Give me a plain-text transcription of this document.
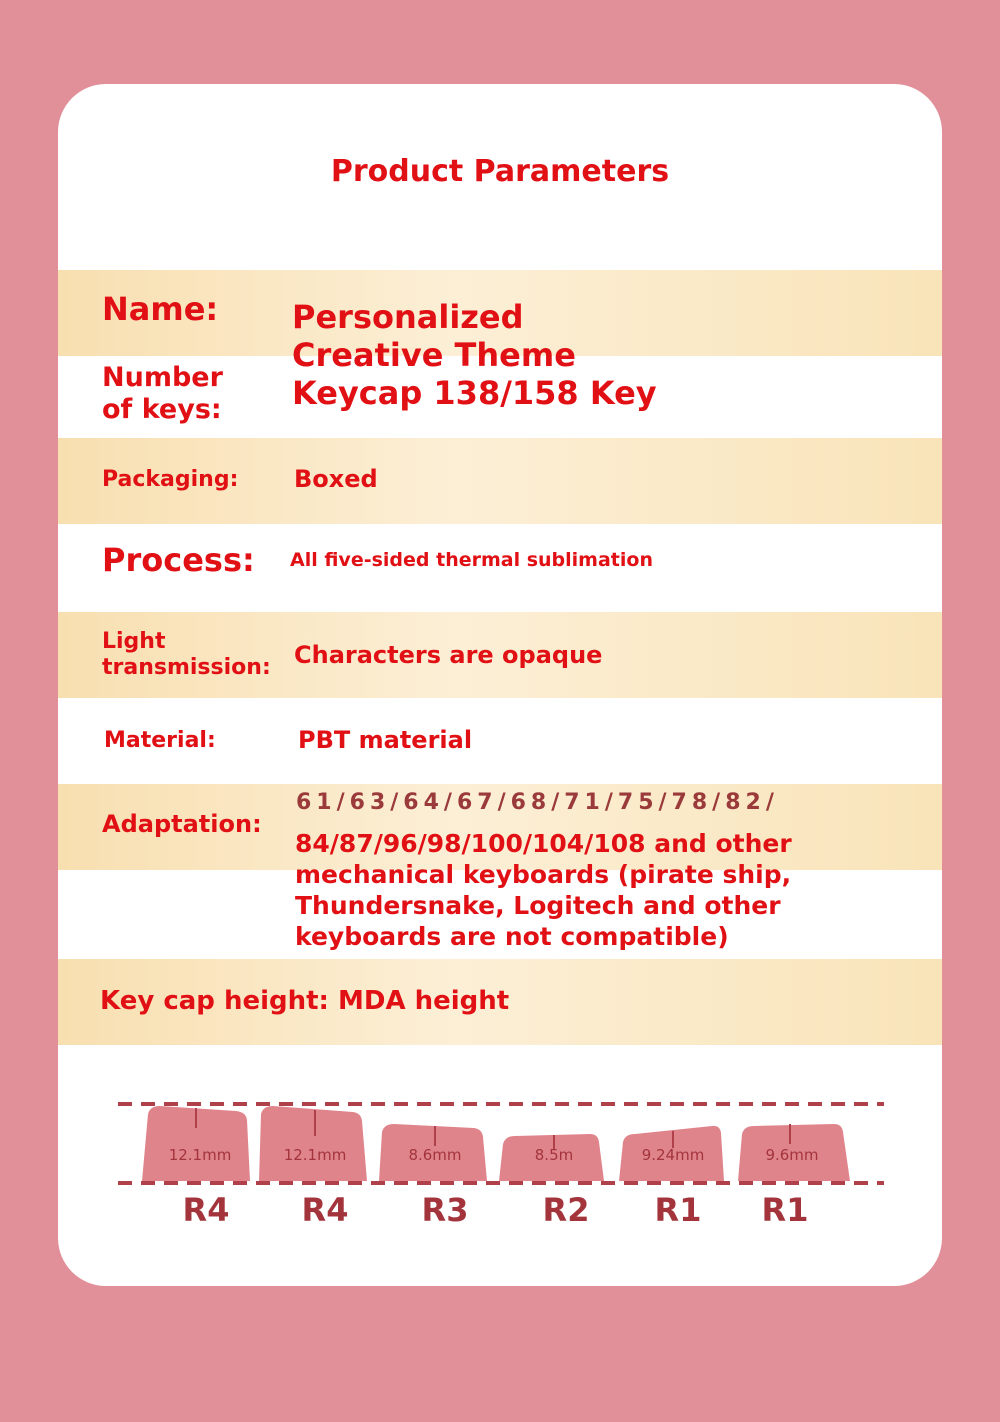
Product Parameters
Name: Personalized
Creative Theme
Keycap 138/158 Key
Number
of keys:
Packaging: Boxed
Process: All five-sided thermal sublimation
Light
transmission: Characters are opaque
Material:	PBT material
Adaptation:
61/63/64/67/68/71/75/78/82/
84/87/96/98/100/104/108 and other
mechanical keyboards (pirate ship,
Thundersnake, Logitech and other
keyboards are not compatible)
Key cap height: MDA height
12.1mm
R4
12.1mm
R4
8.6mm
R3
8.5m
R2
9.24mm
R1
9.6mm
R1
